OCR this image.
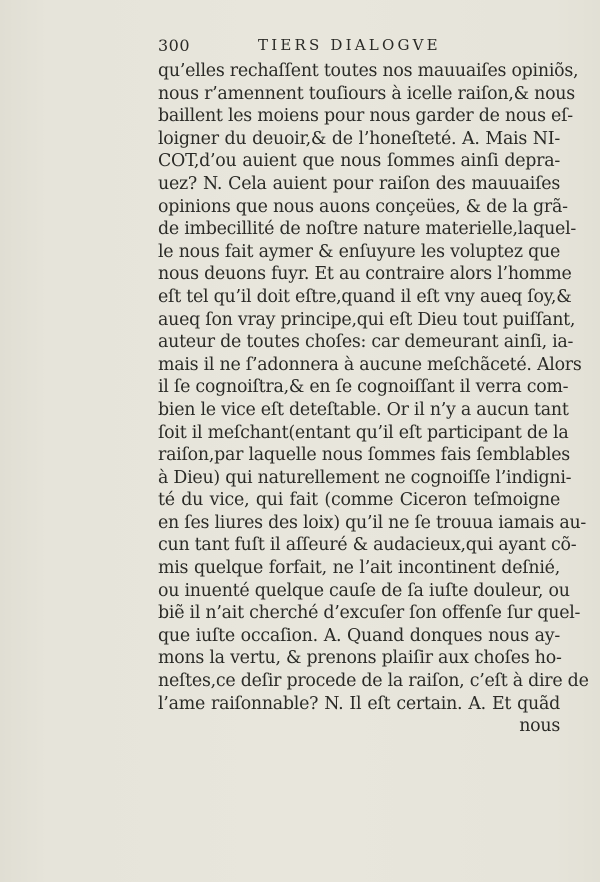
300	TIERS DIALOGVE
qu’elles rechaſſent toutes nos mauuaiſes opiniõs,
nous r’amennent touſiours à icelle raiſon,& nous
baillent les moiens pour nous garder de nous eſ-
loigner du deuoir,& de l’honeſteté. A. Mais NI-
COT,d’ou auient que nous ſommes ainſi depra-
uez? N. Cela auient pour raiſon des mauuaiſes
opinions que nous auons conçeües, & de la grã-
de imbecillité de noſtre nature materielle,laquel-
le nous fait aymer & enſuyure les voluptez que
nous deuons fuyr. Et au contraire alors l’homme
eſt tel qu’il doit eſtre,quand il eſt vny aueq ſoy,&
aueq ſon vray principe,qui eſt Dieu tout puiſſant,
auteur de toutes choſes: car demeurant ainſi, ia-
mais il ne ſ’adonnera à aucune meſchãceté. Alors
il ſe cognoiſtra,& en ſe cognoiſſant il verra com-
bien le vice eſt deteſtable. Or il n’y a aucun tant
ſoit il meſchant(entant qu’il eſt participant de la
raiſon,par laquelle nous ſommes fais ſemblables
à Dieu) qui naturellement ne cognoiſſe l’indigni-
té du vice, qui fait (comme Ciceron teſmoigne
en ſes liures des loix) qu’il ne ſe trouua iamais au-
cun tant fuſt il aſſeuré & audacieux,qui ayant cõ-
mis quelque forfait, ne l’ait incontinent deſnié,
ou inuenté quelque cauſe de ſa iuſte douleur, ou
biẽ il n’ait cherché d’excuſer ſon offenſe ſur quel-
que iuſte occaſion. A. Quand donques nous ay-
mons la vertu, & prenons plaiſir aux choſes ho-
neſtes,ce deſir procede de la raiſon, c’eſt à dire de
l’ame raiſonnable? N. Il eſt certain. A. Et quãd
nous
